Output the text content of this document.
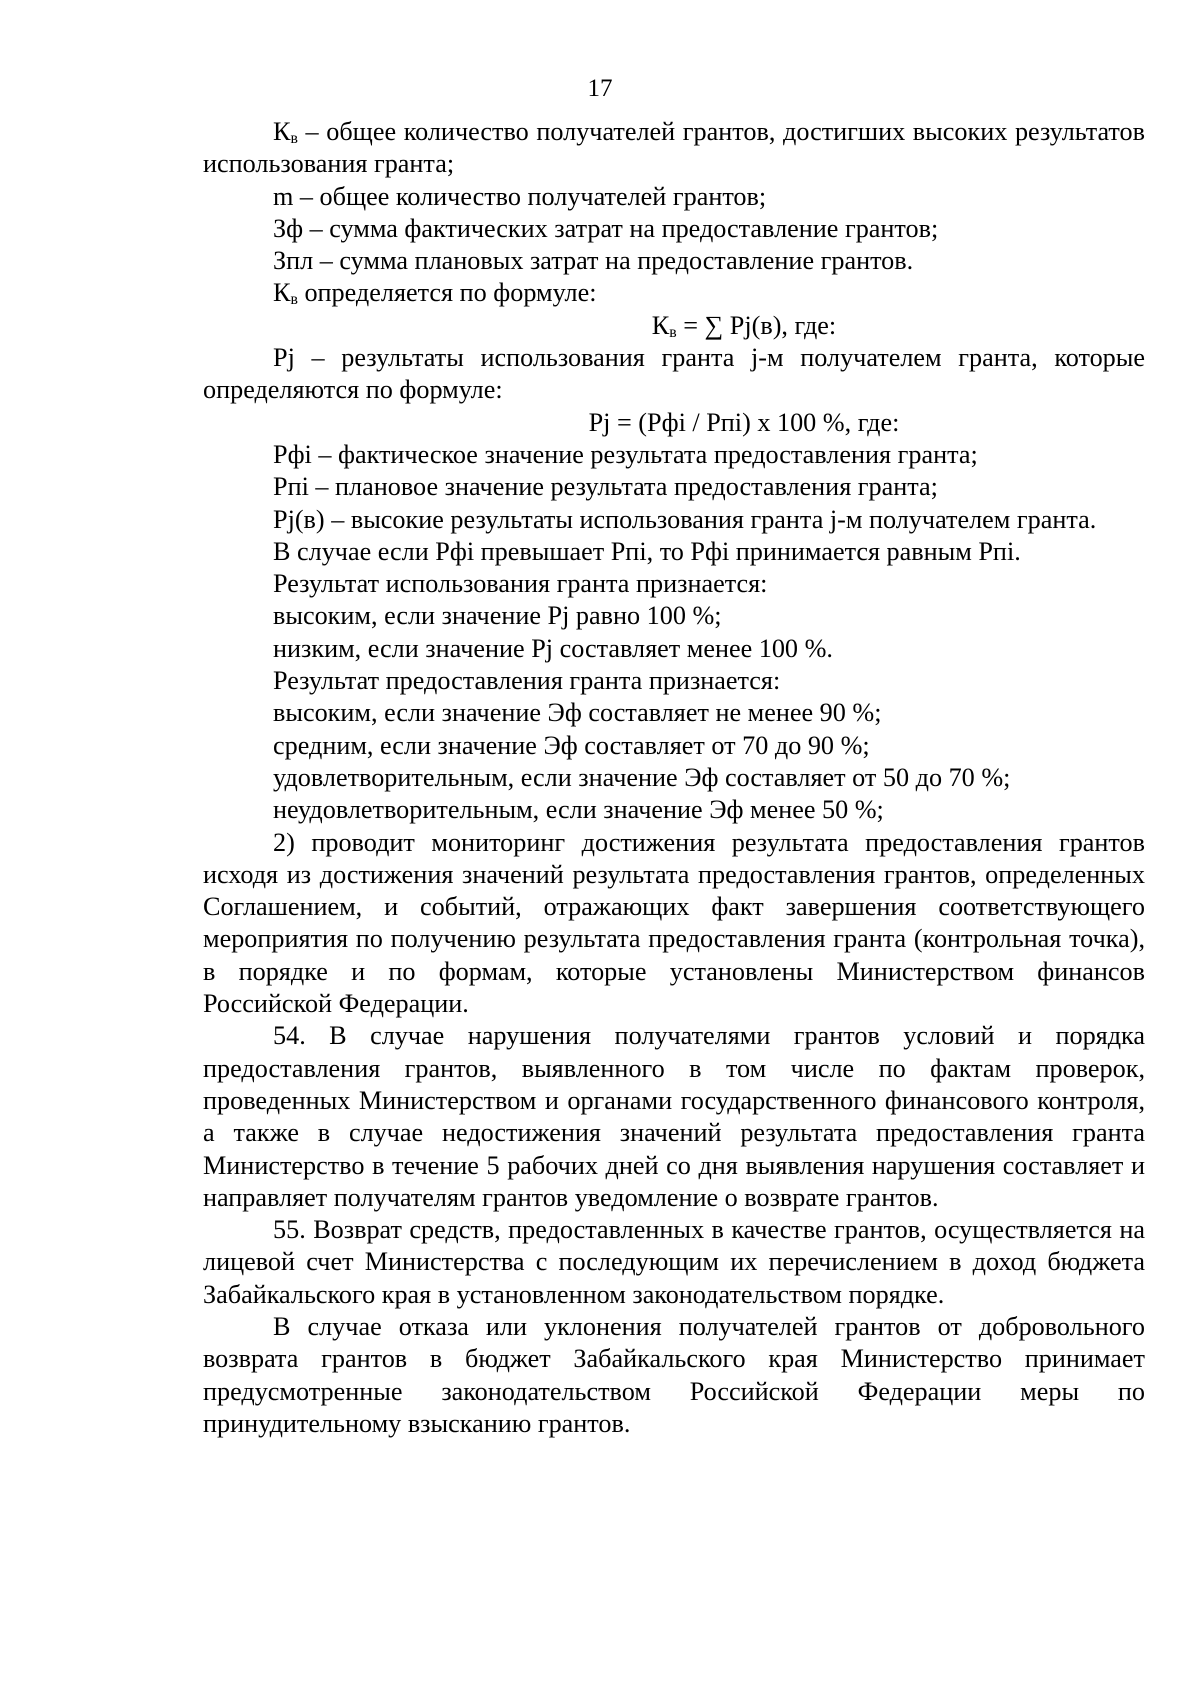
17

$К_в$ – общее количество получателей грантов, достигших высоких результатов использования гранта;

m – общее количество получателей грантов;

Зф – сумма фактических затрат на предоставление грантов;

Зпл – сумма плановых затрат на предоставление грантов.

$К_в$ определяется по формуле:

$К_в$ = ∑ Pj(в), где:

Pj – результаты использования гранта j-м получателем гранта, которые определяются по формуле:

Pj = (Рфi / Рпi) x 100 %, где:

Рфi – фактическое значение результата предоставления гранта;

Рпi – плановое значение результата предоставления гранта;

Pj(в) – высокие результаты использования гранта j-м получателем гранта.

В случае если Рфi превышает Рпi, то Рфi принимается равным Рпi.

Результат использования гранта признается:

высоким, если значение Pj равно 100 %;

низким, если значение Pj составляет менее 100 %.

Результат предоставления гранта признается:

высоким, если значение Эф составляет не менее 90 %;

средним, если значение Эф составляет от 70 до 90 %;

удовлетворительным, если значение Эф составляет от 50 до 70 %;

неудовлетворительным, если значение Эф менее 50 %;

2) проводит мониторинг достижения результата предоставления грантов исходя из достижения значений результата предоставления грантов, определенных Соглашением, и событий, отражающих факт завершения соответствующего мероприятия по получению результата предоставления гранта (контрольная точка), в порядке и по формам, которые установлены Министерством финансов Российской Федерации.

54. В случае нарушения получателями грантов условий и порядка предоставления грантов, выявленного в том числе по фактам проверок, проведенных Министерством и органами государственного финансового контроля, а также в случае недостижения значений результата предоставления гранта Министерство в течение 5 рабочих дней со дня выявления нарушения составляет и направляет получателям грантов уведомление о возврате грантов.

55. Возврат средств, предоставленных в качестве грантов, осуществляется на лицевой счет Министерства с последующим их перечислением в доход бюджета Забайкальского края в установленном законодательством порядке.

В случае отказа или уклонения получателей грантов от добровольного возврата грантов в бюджет Забайкальского края Министерство принимает предусмотренные законодательством Российской Федерации меры по принудительному взысканию грантов.
